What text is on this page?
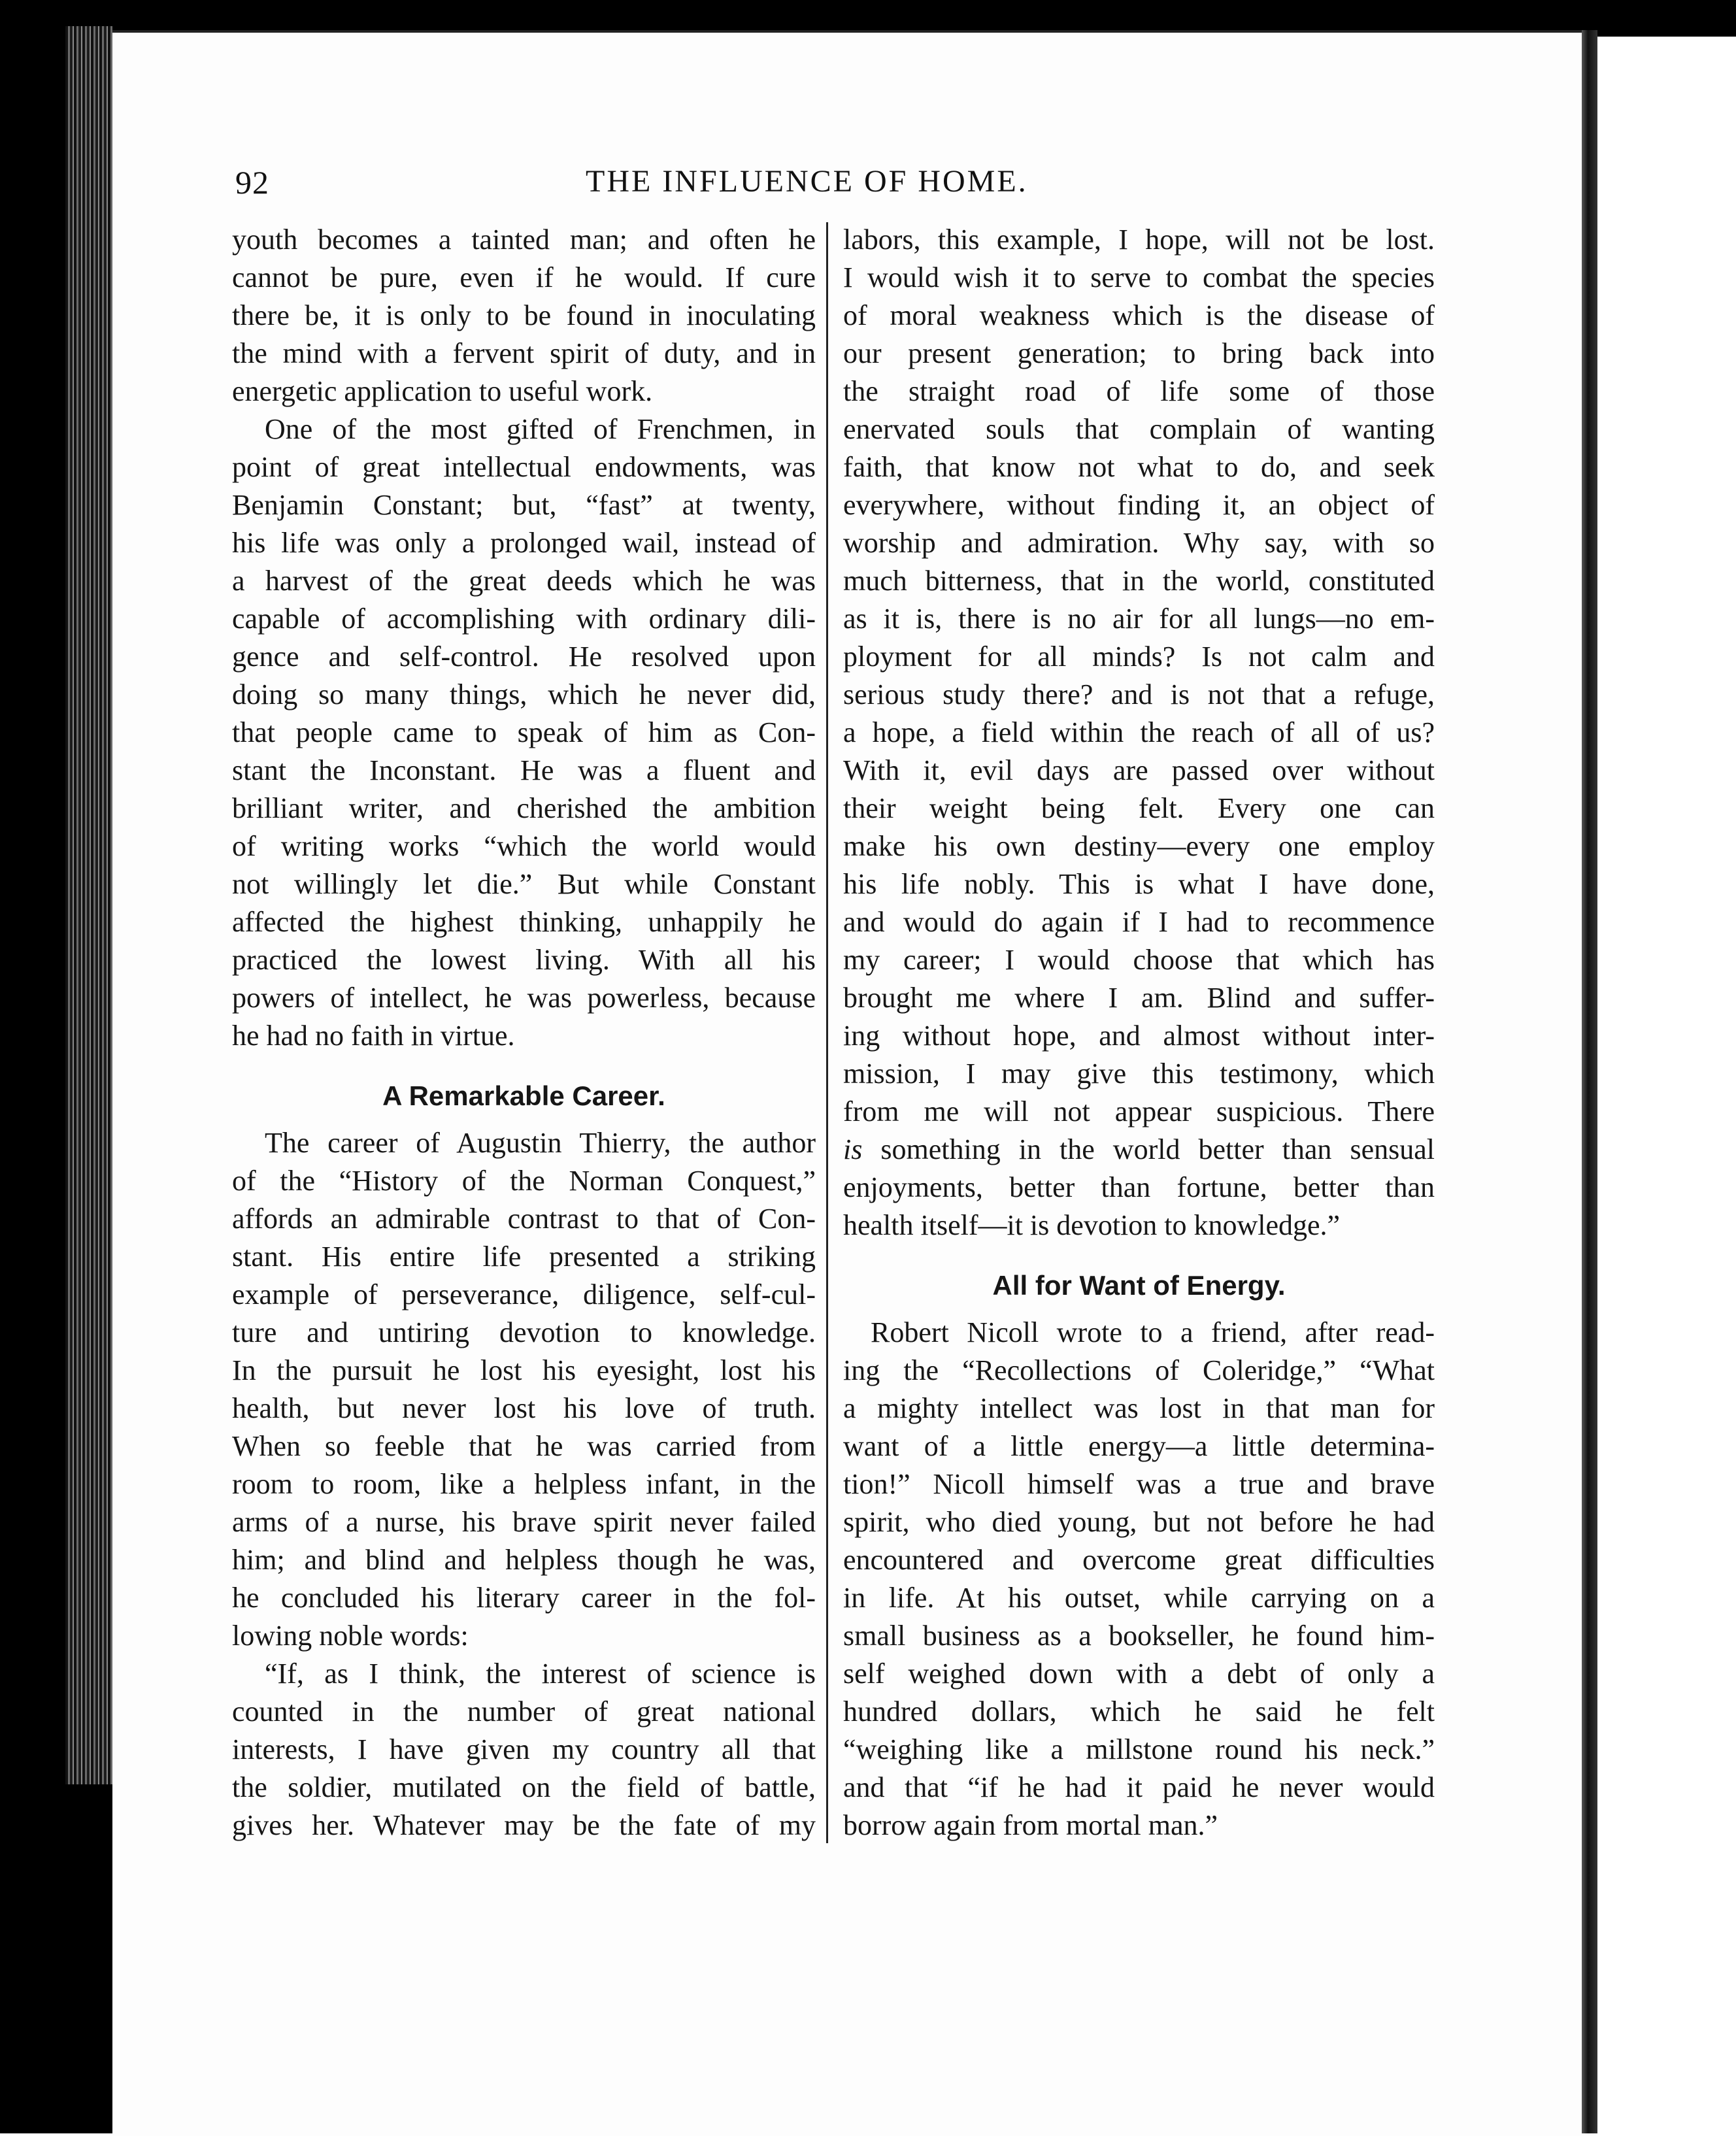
92	THE INFLUENCE OF HOME.
youth becomes a tainted man; and often he
cannot be pure, even if he would. If cure
there be, it is only to be found in inoculating
the mind with a fervent spirit of duty, and in
energetic application to useful work.
One of the most gifted of Frenchmen, in
point of great intellectual endowments, was
Benjamin Constant; but, “fast” at twenty,
his life was only a prolonged wail, instead of
a harvest of the great deeds which he was
capable of accomplishing with ordinary dili-
gence and self-control. He resolved upon
doing so many things, which he never did,
that people came to speak of him as Con-
stant the Inconstant. He was a fluent and
brilliant writer, and cherished the ambition
of writing works “which the world would
not willingly let die.” But while Constant
affected the highest thinking, unhappily he
practiced the lowest living. With all his
powers of intellect, he was powerless, because
he had no faith in virtue.
A Remarkable Career.
The career of Augustin Thierry, the author
of the “History of the Norman Conquest,”
affords an admirable contrast to that of Con-
stant. His entire life presented a striking
example of perseverance, diligence, self-cul-
ture and untiring devotion to knowledge.
In the pursuit he lost his eyesight, lost his
health, but never lost his love of truth.
When so feeble that he was carried from
room to room, like a helpless infant, in the
arms of a nurse, his brave spirit never failed
him; and blind and helpless though he was,
he concluded his literary career in the fol-
lowing noble words:
“If, as I think, the interest of science is
counted in the number of great national
interests, I have given my country all that
the soldier, mutilated on the field of battle,
gives her. Whatever may be the fate of my
labors, this example, I hope, will not be lost.
I would wish it to serve to combat the species
of moral weakness which is the disease of
our present generation; to bring back into
the straight road of life some of those
enervated souls that complain of wanting
faith, that know not what to do, and seek
everywhere, without finding it, an object of
worship and admiration. Why say, with so
much bitterness, that in the world, constituted
as it is, there is no air for all lungs—no em-
ployment for all minds? Is not calm and
serious study there? and is not that a refuge,
a hope, a field within the reach of all of us?
With it, evil days are passed over without
their weight being felt. Every one can
make his own destiny—every one employ
his life nobly. This is what I have done,
and would do again if I had to recommence
my career; I would choose that which has
brought me where I am. Blind and suffer-
ing without hope, and almost without inter-
mission, I may give this testimony, which
from me will not appear suspicious. There
is something in the world better than sensual
enjoyments, better than fortune, better than
health itself—it is devotion to knowledge.”
All for Want of Energy.
Robert Nicoll wrote to a friend, after read-
ing the “Recollections of Coleridge,” “What
a mighty intellect was lost in that man for
want of a little energy—a little determina-
tion!” Nicoll himself was a true and brave
spirit, who died young, but not before he had
encountered and overcome great difficulties
in life. At his outset, while carrying on a
small business as a bookseller, he found him-
self weighed down with a debt of only a
hundred dollars, which he said he felt
“weighing like a millstone round his neck.”
and that “if he had it paid he never would
borrow again from mortal man.”
